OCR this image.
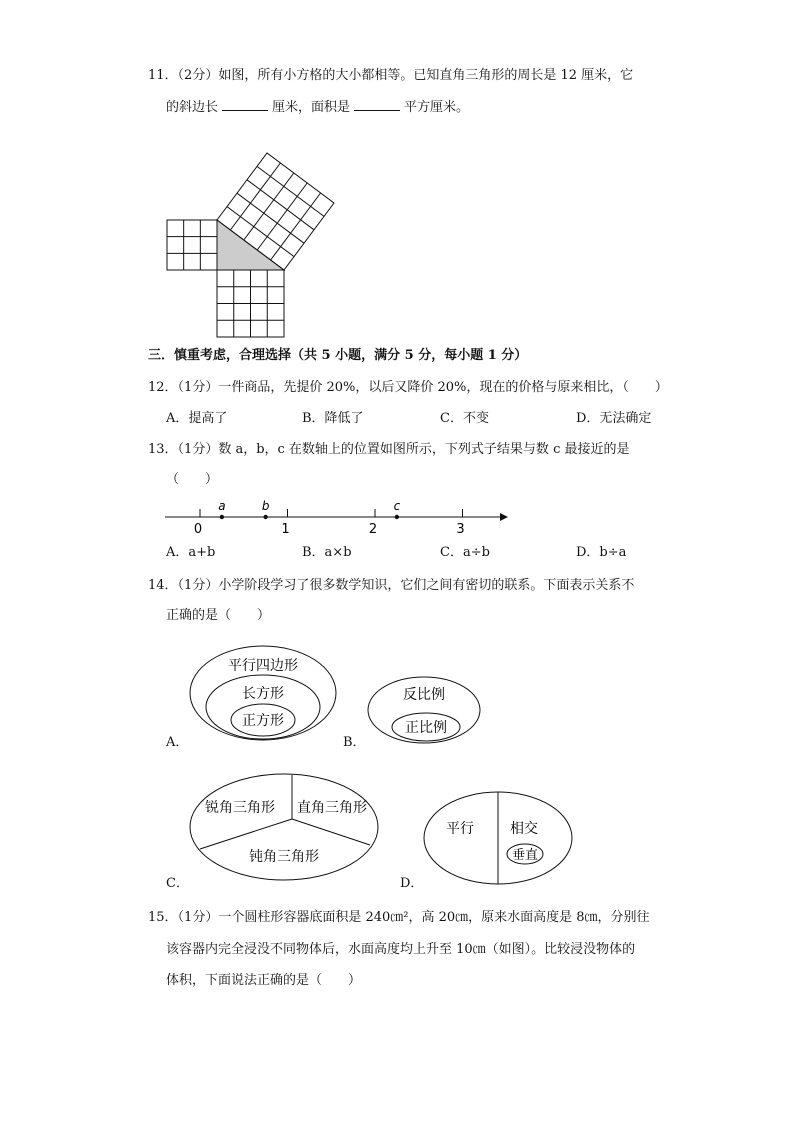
11．（2分）如图，所有小方格的大小都相等。已知直角三角形的周长是 12 厘米，它
的斜边长	厘米，面积是	平方厘米。
三．慎重考虑，合理选择（共 5 小题，满分 5 分，每小题 1 分）
12．（1分）一件商品，先提价 20%，以后又降价 20%，现在的价格与原来相比，（　　）
A．提高了	B．降低了	C．不变	D．无法确定
13．（1分）数 a，b，c 在数轴上的位置如图所示，下列式子结果与数 c 最接近的是
（　　）
0	1	2	3
a	b	c
A．a+b	B．a×b	C．a÷b	D．b÷a
14．（1分）小学阶段学习了很多数学知识，它们之间有密切的联系。下面表示关系不
正确的是（　　）
平行四边形
长方形
正方形
A．
反比例
正比例
B．
锐角三角形 直角三角形
钝角三角形
C．
平行	相交
垂直
D．
15．（1分）一个圆柱形容器底面积是 240㎝²，高 20㎝，原来水面高度是 8㎝，分别往
该容器内完全浸没不同物体后，水面高度均上升至 10㎝（如图）。比较浸没物体的
体积，下面说法正确的是（　　）
